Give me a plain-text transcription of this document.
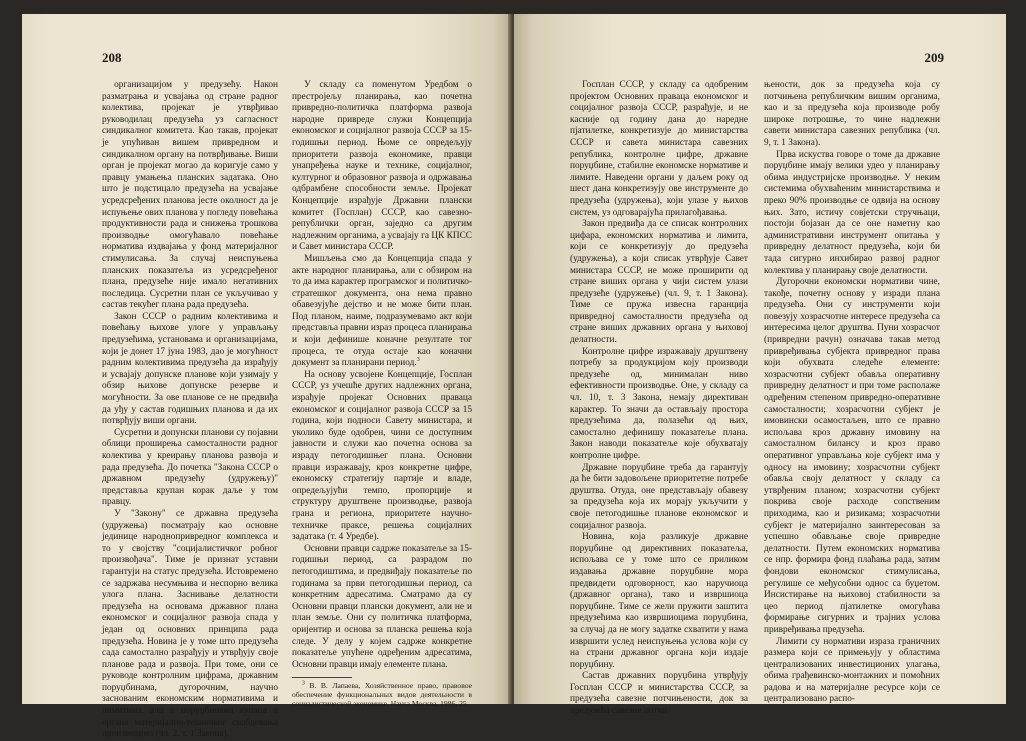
208

организацијом у предузећу. Након разматрања и усвајања од стране радног колектива, пројекат је утврђивао руководилац предузећа уз сагласност синдикалног комитета. Као такав, пројекат је упућиван вишем привредном и синдикалном органу на потврђивање. Виши орган је пројекат могао да коригује само у правцу умањења планских задатака. Оно што је подстицало предузећа на усвајање усредсређених планова јесте околност да је испуњење ових планова у погледу повећања продуктивности рада и снижења трошкова производње омогућавало повећање норматива издвајања у фонд материјалног стимулисања. За случај неиспуњења планских показатеља из усредсређеног плана, предузеће није имало негативних последица. Сусретни план се укључивао у састав текућег плана рада предузећа.

Закон СССР о радним колективима и повећању њихове улоге у управљању предузећима, установама и организацијама, који је донет 17 јуна 1983, дао је могућност радним колективима предузећа да израђују и усвајају допунске планове који узимају у обзир њихове допунске резерве и могућности. За ове планове се не предвиђа да уђу у састав годишњих планова и да их потврђују виши органи.

Сусретни и допунски планови су појавни облици проширења самосталности радног колектива у креирању планова развоја и рада предузећа. До почетка "Закона СССР о државном предузећу (удружењу)" представља крупан корак даље у том правцу.

У "Закону" се државна предузећа (удружења) посматрају као основне јединице народнопривредног комплекса и то у својству "социјалистичког робног произвођача". Тиме је признат уставни гарантуји на статус предузећа. Истовремено се задржава несумњива и неспорно велика улога плана. Заснивање делатности предузећа на основама државног плана економског и социјалног развоја спада у један од основних принципа рада предузећа. Новина је у томе што предузећа сада самостално разрађују и утврђују своје планове рада и развоја. При томе, они се руководе контролним цифрама, државним поруџбинама, дугорочним, научно заснованим економским нормативима и лимитима, али и поруџбинама купаца и органа материјално-техничког снабдевања производима (чл. 2, т. 1 Закона).

У складу са поменутом Уредбом о престројељу планирања, као почетна привредно-политичка платформа развоја народне привреде служи Концепција економског и социјалног развоја СССР за 15-годишњи период. Њоме се опредељују приоритети развоја економике, правци унапређења науке и технике, социјалног, културног и образовног развоја и одржавања одбрамбене способности земље. Пројекат Концепције израђује Државни плански комитет (Госплан) СССР, као савезно-републички орган, заједно са другим надлежним органима, а усвајају га ЦК КПСС и Савет министара СССР.

Мишљења смо да Концепција спада у акте народног планирања, али с обзиром на то да има карактер програмског и политичко-стратешког документа, она нема правно обавезујуће дејство и не може бити план. Под планом, наиме, подразумевамо акт који представља правни израз процеса планирања и који дефинише коначне резултате тог процеса, те отуда остаје као коначни документ за планирани период.$^3$

На основу усвојене Концепције, Госплан СССР, уз учешће других надлежних органа, израђује пројекат Основних праваца економског и социјалног развоја СССР за 15 година, који подноси Савету министара, и уколико буде одобрен, чини се доступним јавности и служи као почетна основа за израду петогодишњег плана. Основни правци изражавају, кроз конкретне цифре, економску стратегију партије и владе, опредељујући темпо, пропорције и структуру друштвене производње, развоја грана и региона, приоритете научно-техничке праксе, решења социјалних задатака (т. 4 Уредбе).

Основни правци садрже показатеље за 15-годишњи период, са разрадом по петогодиштима, и предвиђају показатеље по годинама за први петогодишњи период, са конкретним адресатима. Сматрамо да су Основни правци плански документ, али не и план земље. Они су политичка платформа, оријентир и основа за планска решења која следе. У делу у којем садрже конкретне показатеље упућене одређеним адресатима, Основни правци имају елементе плана.

$^3$ В. В. Лапаева, Хозяйственное право, правовое обеспечение функциональных видов деятельности в социалистической экономике, Наука Москва, 1986, 25.

209

Госплан СССР, у складу са одобреним пројектом Основних праваца економског и социјалног развоја СССР, разрађује, и не касније од годину дана до наредне пјатилетке, конкретизује до министарства СССР и савета министара савезних република, контролне цифре, државне поруџбине, стабилне економске нормативе и лимите. Наведени органи у даљем року од шест дана конкретизују ове инструменте до предузећа (удружења), који улазе у њихов систем, уз одговарајућа прилагођавања.

Закон предвиђа да се списак контролних цифара, економских норматива и лимита, који се конкретизују до предузећа (удружења), а који списак утврђује Савет министара СССР, не може проширити од стране виших органа у чији систем улази предузеће (удружење) (чл. 9, т. 1 Закона). Тиме се пружа извесна гаранција привредној самосталности предузећа од стране виших државних органа у њиховој делатности.

Контролне цифре изражавају друштвену потребу за продукцијом коју производи предузеће од, минималан ниво ефективности производње. Оне, у складу са чл. 10, т. 3 Закона, немају директиван карактер. То значи да остављају простора предузећима да, полазећи од њих, самостално дефинишу показатеље плана. Закон наводи показатеље које обухватају контролне цифре.

Државне поруџбине треба да гарантују да ће бити задовољене приоритетне потребе друштва. Отуда, оне представљају обавезу за предузећа која их морају укључити у своје петогодишње планове економског и социјалног развоја.

Новина, која разликује државне поруџбине од директивних показатеља, испољава се у томе што се приликом издавања државне поруџбине мора предвидети одговорност, као наручиоца (државног органа), тако и извршиоца поруџбине. Тиме се жели пружити заштита предузећима као извршиоцима поруџбина, за случај да не могу задатке схватити у нама извршити услед неиспуњења услова који су на страни државног органа који издаје поруџбину.

Састав државних поруџбина утврђују Госплан СССР и министарства СССР, за предузећа савезне потчињености, док за предузећа савезне потчи-

њености, док за предузећа која су потчињена републичким вишим органима, као и за предузећа која производе робу широке потрошње, то чине надлежни савети министара савезних република (чл. 9, т. 1 Закона).

Прва искуства говоре о томе да државне поруџбине имају велики удео у планирању обима индустријске производње. У неким системима обухваћеним министарствима и преко 90% производње се одвија на основу њих. Зато, истичу совјетски стручњаци, постоји бојазан да се оне наметну као административни инструмент опитања у привредну делатност предузећа, који би тада сигурно инхибирао развој радног колектива у планирању своје делатности.

Дугорочни економски нормативи чине, такође, почетну основу у изради плана предузећа. Они су инструменти који повезују хозрасчотне интересе предузећа са интересима целог друштва. Пуни хозрасчот (привредни рачун) означава такав метод привређивања субјекта привредног права који обухвата следеће елементе: хозрасчотни субјект обавља оперативну привредну делатност и при томе располаже одређеним степеном привредно-оперативне самосталности; хозрасчотни субјект је имовински осамостаљен, што се правно испољава кроз државну имовину на самосталном билансу и кроз право оперативног управљања које субјект има у односу на имовину; хозрасчотни субјект обавља своју делатност у складу са утврђеним планом; хозрасчотни субјект покрива своје расходе сопственим приходима, као и ризикама; хозрасчотни субјект је материјално заинтересован за успешно обављање своје привредне делатности. Путем економских норматива се нпр. формира фонд плаћања рада, затим фондови економског стимулисања, регулише се међусобни однос са буџетом. Инсистирање на њиховој стабилности за цео период пјатилетке омогућава формирање сигурних и трајних услова привређивања предузећа.

Лимити су нормативи израза граничних размера који се примењују у областима централизованих инвестиционих улагања, обима грађевинско-монтажних и помоћних радова и на материјалне ресурсе који се централизовано распо-
